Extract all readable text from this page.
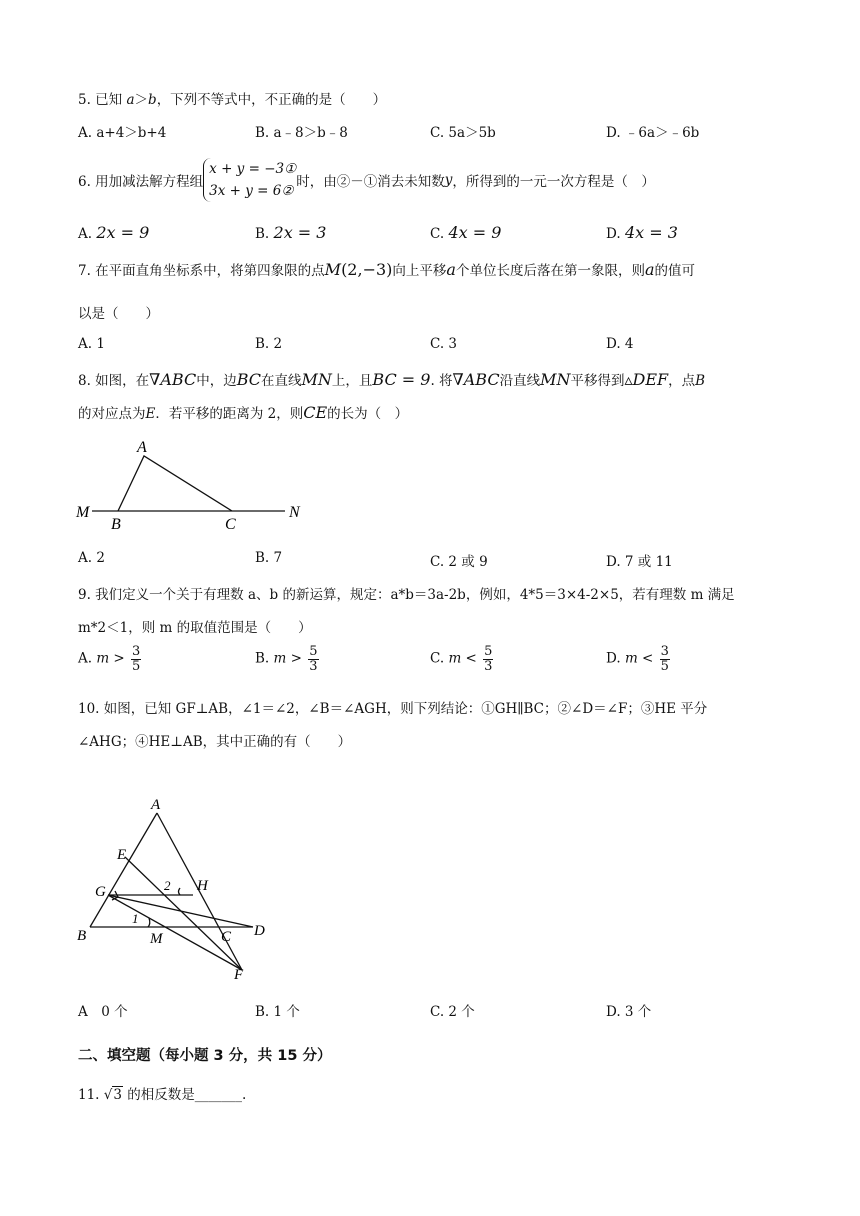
5. 已知 a＞b，下列不等式中，不正确的是（　　）
A. a+4＞b+4	B. a﹣8＞b﹣8	C. 5a＞5b	D. ﹣6a＞﹣6b
6. 用加减法解方程组
x + y = −3①
3x + y = 6②
时，由②－①消去未知数 y ，所得到的一元一次方程是（　）
A. 2x = 9	B. 2x = 3	C. 4x = 9	D. 4x = 3
7. 在平面直角坐标系中，将第四象限的点M(2,−3)向上平移a个单位长度后落在第一象限，则a的值可
以是（　　）
A. 1	B. 2	C. 3	D. 4
8. 如图，在∇ABC中，边BC在直线MN上，且BC = 9. 将∇ABC沿直线MN平移得到▵DEF，点B
的对应点为E．若平移的距离为 2，则CE的长为（　）
A
M	N
B	C
A. 2	B. 7	C. 2 或 9	D. 7 或 11
9. 我们定义一个关于有理数 a、b 的新运算，规定：a*b＝3a-2b，例如，4*5＝3×4-2×5，若有理数 m 满足
m*2＜1，则 m 的取值范围是（　　）
A. $m > \frac{3}{5}$	B. $m > \frac{5}{3}$	C. $m < \frac{5}{3}$	D. $m < \frac{3}{5}$
10. 如图，已知 GF⊥AB，∠1＝∠2，∠B＝∠AGH，则下列结论：①GH∥BC；②∠D＝∠F；③HE 平分
∠AHG；④HE⊥AB，其中正确的有（　　）
A
E
G	H
2
1
B	M	C D
F
A　0 个	B. 1 个	C. 2 个	D. 3 个
二、填空题（每小题 3 分，共 15 分）
11. √3 的相反数是_______.
